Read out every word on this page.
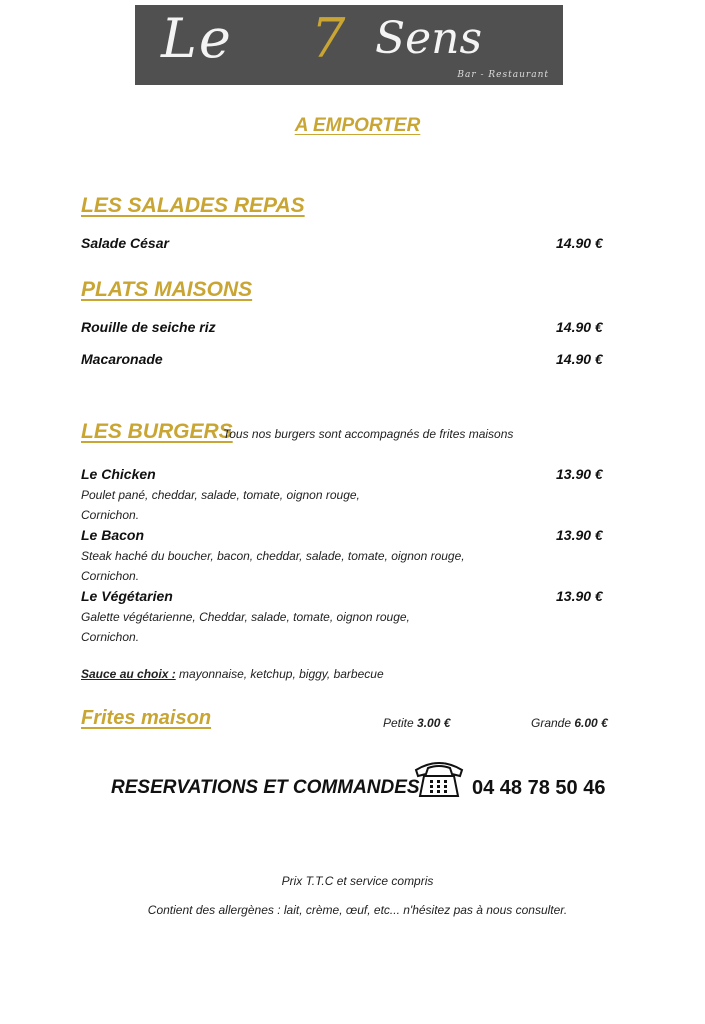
Le 7 Sens
Bar - Restaurant
A EMPORTER
LES SALADES REPAS
Salade César	14.90 €
PLATS MAISONS
Rouille de seiche riz	14.90 €
Macaronade	14.90 €
LES BURGERS
Tous nos burgers sont accompagnés de frites maisons
Le Chicken	13.90 €
Poulet pané, cheddar, salade, tomate, oignon rouge,
Cornichon.
Le Bacon	13.90 €
Steak haché du boucher, bacon, cheddar, salade, tomate, oignon rouge,
Cornichon.
Le Végétarien	13.90 €
Galette végétarienne, Cheddar, salade, tomate, oignon rouge,
Cornichon.
Sauce au choix : mayonnaise, ketchup, biggy, barbecue
Frites maison	Petite 3.00 €	Grande 6.00 €
RESERVATIONS ET COMMANDES	04 48 78 50 46
Prix T.T.C et service compris
Contient des allergènes : lait, crème, œuf, etc... n'hésitez pas à nous consulter.
